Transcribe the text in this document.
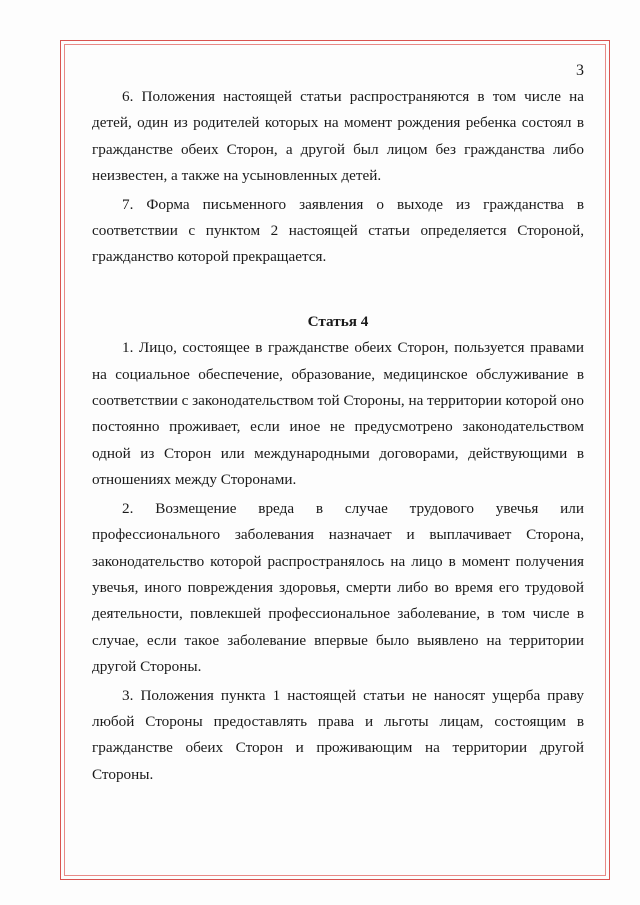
3

6. Положения настоящей статьи распространяются в том числе на детей, один из родителей которых на момент рождения ребенка состоял в гражданстве обеих Сторон, а другой был лицом без гражданства либо неизвестен, а также на усыновленных детей.

7. Форма письменного заявления о выходе из гражданства в соответствии с пунктом 2 настоящей статьи определяется Стороной, гражданство которой прекращается.

Статья 4

1. Лицо, состоящее в гражданстве обеих Сторон, пользуется правами на социальное обеспечение, образование, медицинское обслуживание в соответствии с законодательством той Стороны, на территории которой оно постоянно проживает, если иное не предусмотрено законодательством одной из Сторон или международными договорами, действующими в отношениях между Сторонами.

2. Возмещение вреда в случае трудового увечья или профессионального заболевания назначает и выплачивает Сторона, законодательство которой распространялось на лицо в момент получения увечья, иного повреждения здоровья, смерти либо во время его трудовой деятельности, повлекшей профессиональное заболевание, в том числе в случае, если такое заболевание впервые было выявлено на территории другой Стороны.

3. Положения пункта 1 настоящей статьи не наносят ущерба праву любой Стороны предоставлять права и льготы лицам, состоящим в гражданстве обеих Сторон и проживающим на территории другой Стороны.
